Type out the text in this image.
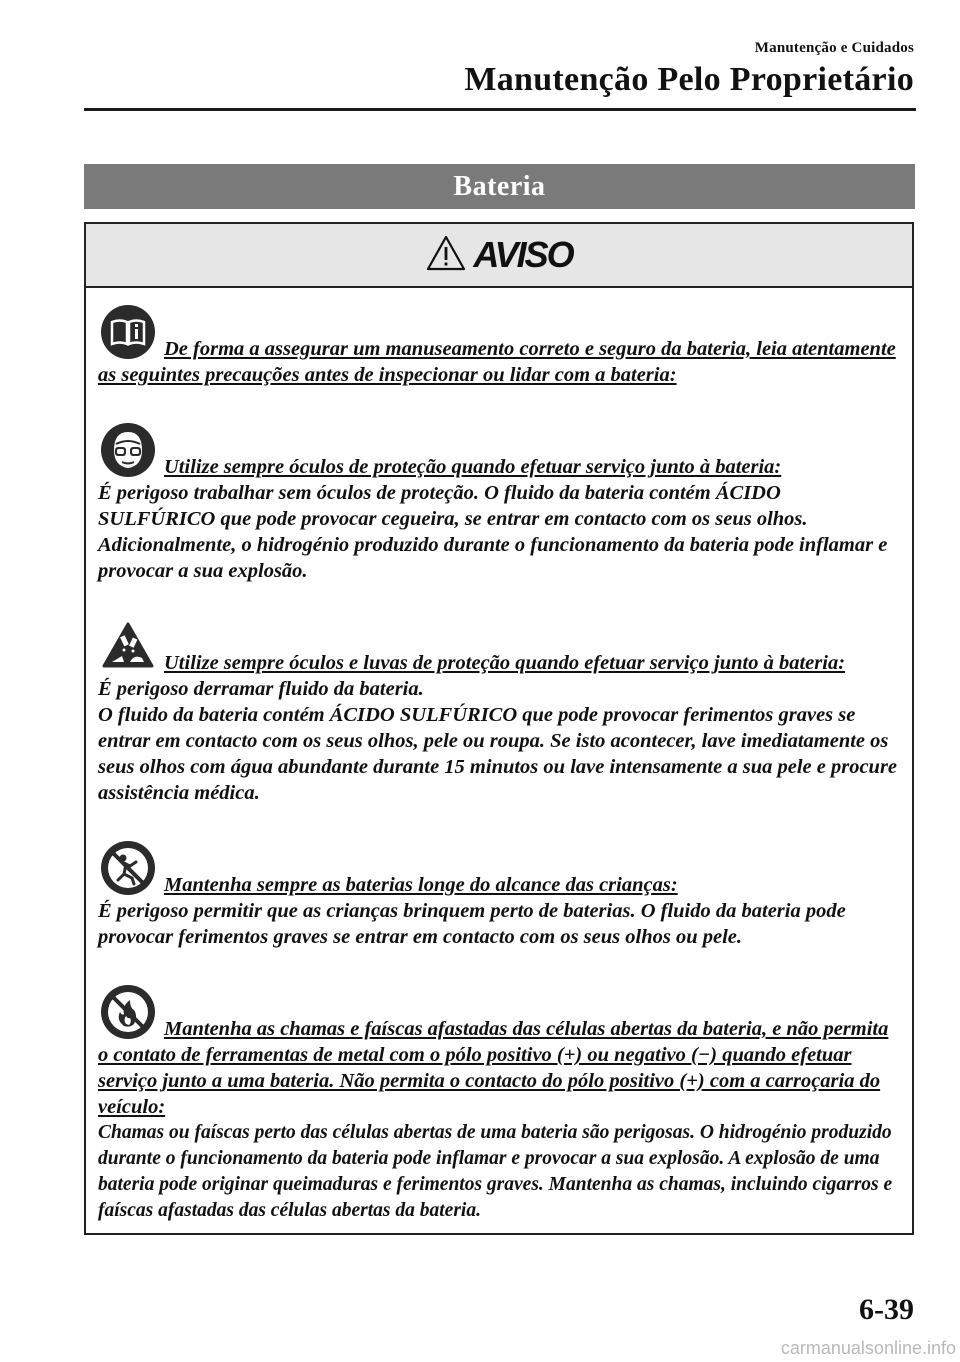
Manutenção e Cuidados
Manutenção Pelo Proprietário
Bateria
AVISO
De forma a assegurar um manuseamento correto e seguro da bateria, leia atentamente as seguintes precauções antes de inspecionar ou lidar com a bateria:
Utilize sempre óculos de proteção quando efetuar serviço junto à bateria:

É perigoso trabalhar sem óculos de proteção. O fluido da bateria contém ÁCIDO SULFÚRICO que pode provocar cegueira, se entrar em contacto com os seus olhos. Adicionalmente, o hidrogénio produzido durante o funcionamento da bateria pode inflamar e provocar a sua explosão.

Utilize sempre óculos e luvas de proteção quando efetuar serviço junto à bateria:

É perigoso derramar fluido da bateria.

O fluido da bateria contém ÁCIDO SULFÚRICO que pode provocar ferimentos graves se entrar em contacto com os seus olhos, pele ou roupa. Se isto acontecer, lave imediatamente os seus olhos com água abundante durante 15 minutos ou lave intensamente a sua pele e procure assistência médica.

Mantenha sempre as baterias longe do alcance das crianças:

É perigoso permitir que as crianças brinquem perto de baterias. O fluido da bateria pode provocar ferimentos graves se entrar em contacto com os seus olhos ou pele.

Mantenha as chamas e faíscas afastadas das células abertas da bateria, e não permita o contato de ferramentas de metal com o pólo positivo (+) ou negativo (−) quando efetuar serviço junto a uma bateria. Não permita o contacto do pólo positivo (+) com a carroçaria do veículo:

Chamas ou faíscas perto das células abertas de uma bateria são perigosas. O hidrogénio produzido durante o funcionamento da bateria pode inflamar e provocar a sua explosão. A explosão de uma bateria pode originar queimaduras e ferimentos graves. Mantenha as chamas, incluindo cigarros e faíscas afastadas das células abertas da bateria.

6-39
carmanualsonline.info
